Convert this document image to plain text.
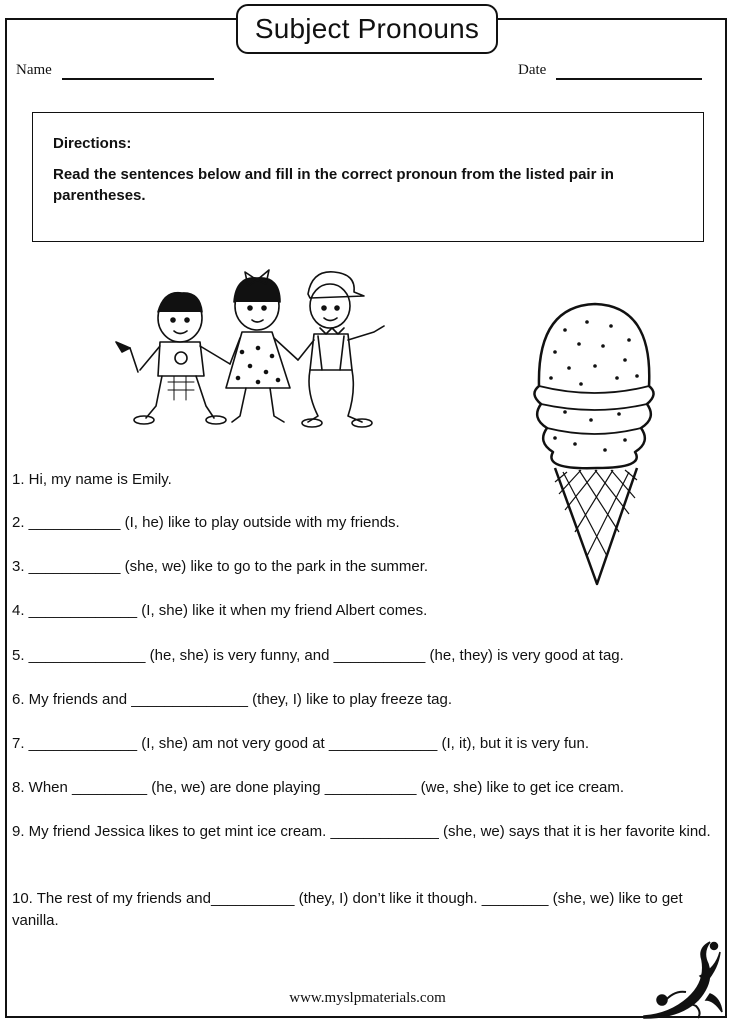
Subject Pronouns
Name	Date
Directions:
Read the sentences below and fill in the correct pronoun from the listed pair in parentheses.
1. Hi, my name is Emily.
2. ___________ (I, he) like to play outside with my friends.
3. ___________ (she, we) like to go to the park in the summer.
4. _____________ (I, she) like it when my friend Albert comes.
5. ______________ (he, she) is very funny, and ___________ (he, they) is very good at tag.
6. My friends and ______________ (they, I) like to play freeze tag.
7. _____________ (I, she) am not very good at _____________ (I, it), but it is very fun.
8. When _________ (he, we) are done playing ___________ (we, she) like to get ice cream.
9. My friend Jessica likes to get mint ice cream. _____________ (she, we) says that it is her favorite kind.
10. The rest of my friends and__________ (they, I) don’t like it though. ________ (she, we) like to get vanilla.
www.myslpmaterials.com
